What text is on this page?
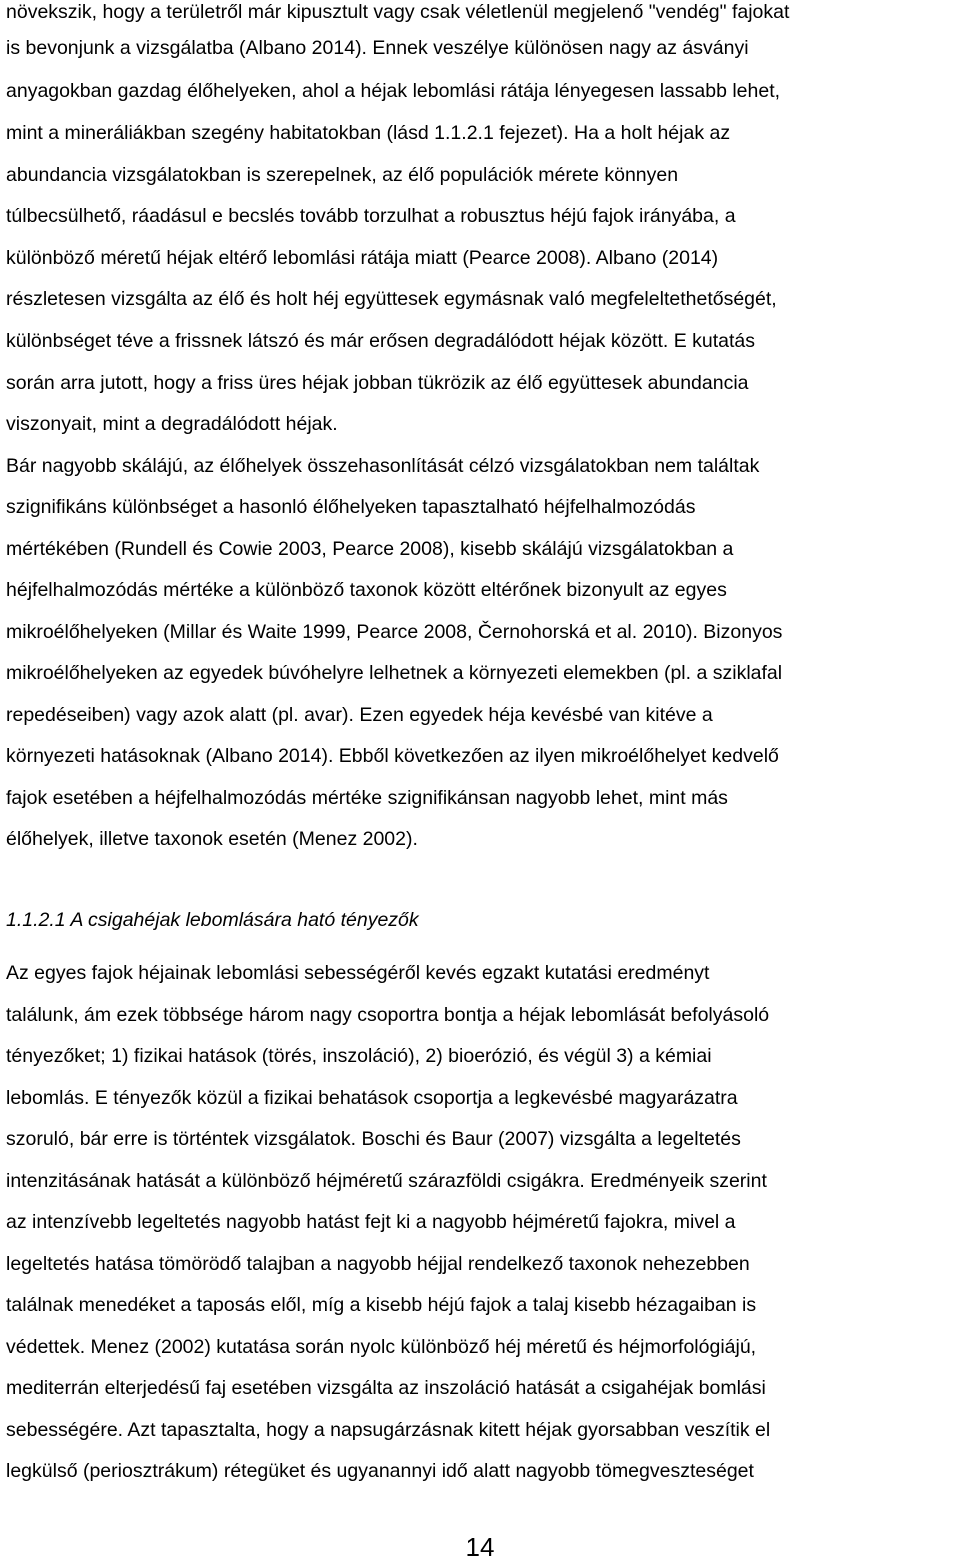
növekszik, hogy a területről már kipusztult vagy csak véletlenül megjelenő "vendég" fajokat
is bevonjunk a vizsgálatba (Albano 2014). Ennek veszélye különösen nagy az ásványi
anyagokban gazdag élőhelyeken, ahol a héjak lebomlási rátája lényegesen lassabb lehet,
mint a mineráliákban szegény habitatokban (lásd 1.1.2.1 fejezet). Ha a holt héjak az
abundancia vizsgálatokban is szerepelnek, az élő populációk mérete könnyen
túlbecsülhető, ráadásul e becslés tovább torzulhat a robusztus héjú fajok irányába, a
különböző méretű héjak eltérő lebomlási rátája miatt (Pearce 2008). Albano (2014)
részletesen vizsgálta az élő és holt héj együttesek egymásnak való megfeleltethetőségét,
különbséget téve a frissnek látszó és már erősen degradálódott héjak között. E kutatás
során arra jutott, hogy a friss üres héjak jobban tükrözik az élő együttesek abundancia
viszonyait, mint a degradálódott héjak.
Bár nagyobb skálájú, az élőhelyek összehasonlítását célzó vizsgálatokban nem találtak
szignifikáns különbséget a hasonló élőhelyeken tapasztalható héjfelhalmozódás
mértékében (Rundell és Cowie 2003, Pearce 2008), kisebb skálájú vizsgálatokban a
héjfelhalmozódás mértéke a különböző taxonok között eltérőnek bizonyult az egyes
mikroélőhelyeken (Millar és Waite 1999, Pearce 2008, Černohorská et al. 2010). Bizonyos
mikroélőhelyeken az egyedek búvóhelyre lelhetnek a környezeti elemekben (pl. a sziklafal
repedéseiben) vagy azok alatt (pl. avar). Ezen egyedek héja kevésbé van kitéve a
környezeti hatásoknak (Albano 2014). Ebből következően az ilyen mikroélőhelyet kedvelő
fajok esetében a héjfelhalmozódás mértéke szignifikánsan nagyobb lehet, mint más
élőhelyek, illetve taxonok esetén (Menez 2002).
1.1.2.1 A csigahéjak lebomlására ható tényezők
Az egyes fajok héjainak lebomlási sebességéről kevés egzakt kutatási eredményt
találunk, ám ezek többsége három nagy csoportra bontja a héjak lebomlását befolyásoló
tényezőket; 1) fizikai hatások (törés, inszoláció), 2) bioerózió, és végül 3) a kémiai
lebomlás. E tényezők közül a fizikai behatások csoportja a legkevésbé magyarázatra
szoruló, bár erre is történtek vizsgálatok. Boschi és Baur (2007) vizsgálta a legeltetés
intenzitásának hatását a különböző héjméretű szárazföldi csigákra. Eredményeik szerint
az intenzívebb legeltetés nagyobb hatást fejt ki a nagyobb héjméretű fajokra, mivel a
legeltetés hatása tömörödő talajban a nagyobb héjjal rendelkező taxonok nehezebben
találnak menedéket a taposás elől, míg a kisebb héjú fajok a talaj kisebb hézagaiban is
védettek. Menez (2002) kutatása során nyolc különböző héj méretű és héjmorfológiájú,
mediterrán elterjedésű faj esetében vizsgálta az inszoláció hatását a csigahéjak bomlási
sebességére. Azt tapasztalta, hogy a napsugárzásnak kitett héjak gyorsabban veszítik el
legkülső (periosztrákum) rétegüket és ugyanannyi idő alatt nagyobb tömegveszteséget
14
